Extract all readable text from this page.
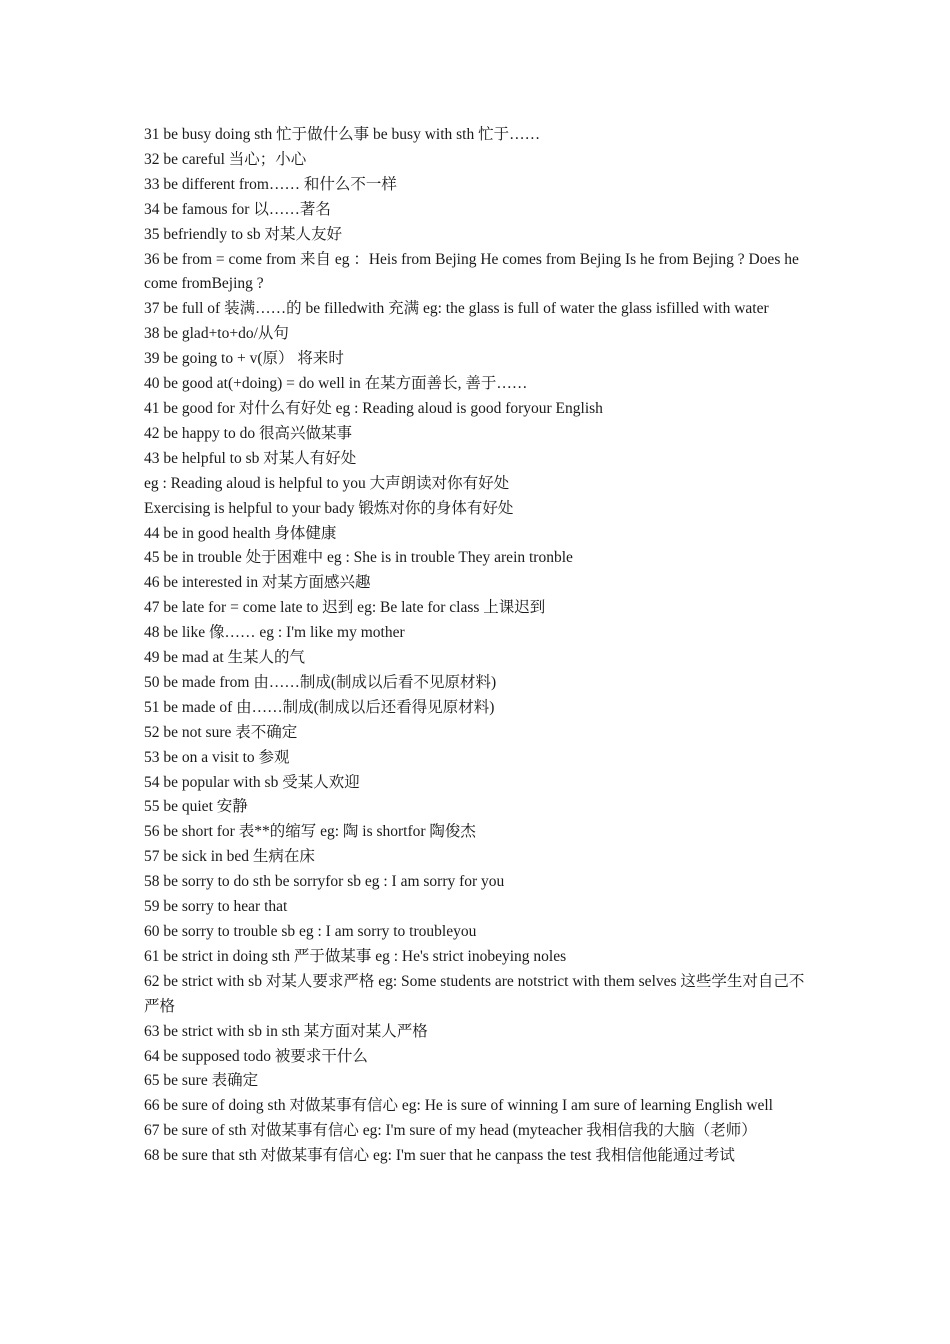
31 be busy doing sth 忙于做什么事 be busy with sth 忙于……

32 be careful 当心；小心

33 be different from…… 和什么不一样

34 be famous for 以……著名

35 befriendly to sb 对某人友好

36 be from = come from 来自 eg ：Heis from Bejing He comes from Bejing Is he from Bejing ? Does he come fromBejing ?

37 be full of 装满……的 be filledwith 充满 eg: the glass is full of water the glass isfilled with water

38 be glad+to+do/从句

39 be going to + v(原） 将来时

40 be good at(+doing) = do well in 在某方面善长, 善于……

41 be good for 对什么有好处 eg : Reading aloud is good foryour English

42 be happy to do 很高兴做某事

43 be helpful to sb 对某人有好处

eg : Reading aloud is helpful to you 大声朗读对你有好处

Exercising is helpful to your bady 锻炼对你的身体有好处

44 be in good health 身体健康

45 be in trouble 处于困难中 eg : She is in trouble They arein tronble

46 be interested in 对某方面感兴趣

47 be late for = come late to 迟到 eg: Be late for class 上课迟到

48 be like 像…… eg : I'm like my mother

49 be mad at 生某人的气

50 be made from 由……制成(制成以后看不见原材料)

51 be made of 由……制成(制成以后还看得见原材料)

52 be not sure 表不确定

53 be on a visit to 参观

54 be popular with sb 受某人欢迎

55 be quiet 安静

56 be short for 表**的缩写 eg: 陶 is shortfor 陶俊杰

57 be sick in bed 生病在床

58 be sorry to do sth be sorryfor sb eg : I am sorry for you

59 be sorry to hear that

60 be sorry to trouble sb eg : I am sorry to troubleyou

61 be strict in doing sth 严于做某事 eg : He's strict inobeying noles

62 be strict with sb 对某人要求严格 eg: Some students are notstrict with them selves 这些学生对自己不严格

63 be strict with sb in sth 某方面对某人严格

64 be supposed todo 被要求干什么

65 be sure 表确定

66 be sure of doing sth 对做某事有信心 eg: He is sure of winning I am sure of learning English well

67 be sure of sth 对做某事有信心 eg: I'm sure of my head (myteacher 我相信我的大脑（老师）

68 be sure that sth 对做某事有信心 eg: I'm suer that he canpass the test 我相信他能通过考试
